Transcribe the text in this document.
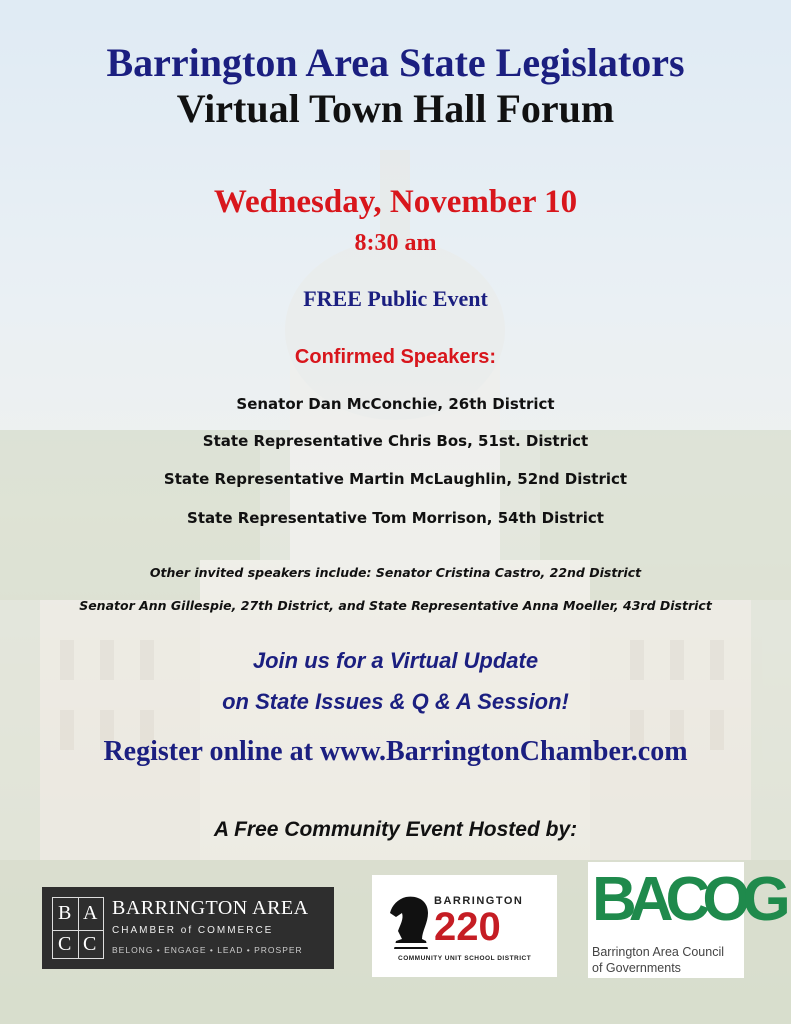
Barrington Area State Legislators
Virtual Town Hall Forum
Wednesday, November 10
8:30 am
FREE Public Event
Confirmed Speakers:
Senator Dan McConchie, 26th District
State Representative Chris Bos, 51st. District
State Representative Martin McLaughlin, 52nd District
State Representative Tom Morrison, 54th District
Other invited speakers include: Senator Cristina Castro, 22nd District
Senator Ann Gillespie, 27th District, and State Representative Anna Moeller, 43rd District
Join us for a Virtual Update
on State Issues & Q & A Session!
Register online at www.BarringtonChamber.com
A Free Community Event Hosted by:
B A
C C
BARRINGTON AREA
CHAMBER of COMMERCE
BELONG • ENGAGE • LEAD • PROSPER
BARRINGTON
220
COMMUNITY UNIT SCHOOL DISTRICT
BACOG
Barrington Area Council
of Governments
